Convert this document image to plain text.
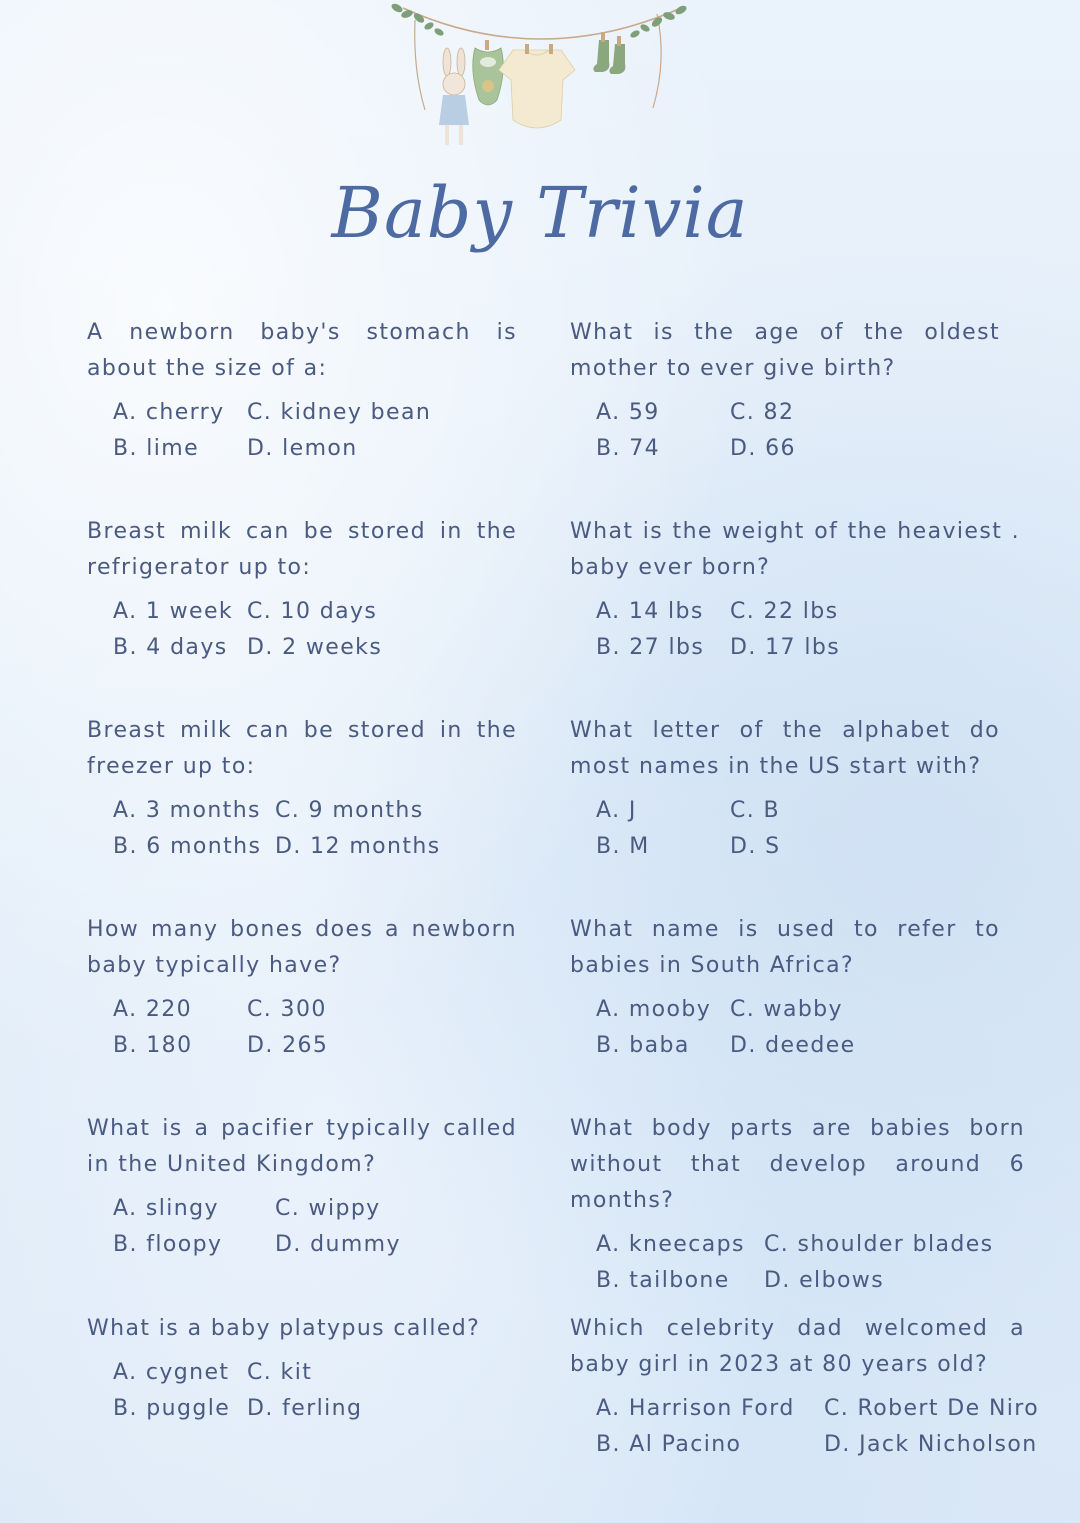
Baby Trivia

A newborn baby's stomach is about the size of a:

A. cherry C. kidney bean
B. lime	D. lemon

What is the age of the oldest mother to ever give birth?

A. 59	C. 82
B. 74	D. 66

Breast milk can be stored in the refrigerator up to:

A. 1 week C. 10 days
B. 4 days D. 2 weeks

What is the weight of the heaviest . baby ever born?

A. 14 lbs C. 22 lbs
B. 27 lbs D. 17 lbs

Breast milk can be stored in the freezer up to:

A. 3 months C. 9 months
B. 6 months D. 12 months

What letter of the alphabet do most names in the US start with?

A. J	C. B
B. M	D. S

How many bones does a newborn baby typically have?

A. 220	C. 300
B. 180	D. 265

What name is used to refer to babies in South Africa?

A. mooby C. wabby
B. baba	D. deedee

What is a pacifier typically called in the United Kingdom?

A. slingy	C. wippy
B. floopy	D. dummy

What body parts are babies born without that develop around 6 months?

A. kneecaps C. shoulder blades
B. tailbone	D. elbows

What is a baby platypus called?

A. cygnet C. kit
B. puggle D. ferling

Which celebrity dad welcomed a baby girl in 2023 at 80 years old?

A. Harrison Ford C. Robert De Niro
B. Al Pacino	D. Jack Nicholson
